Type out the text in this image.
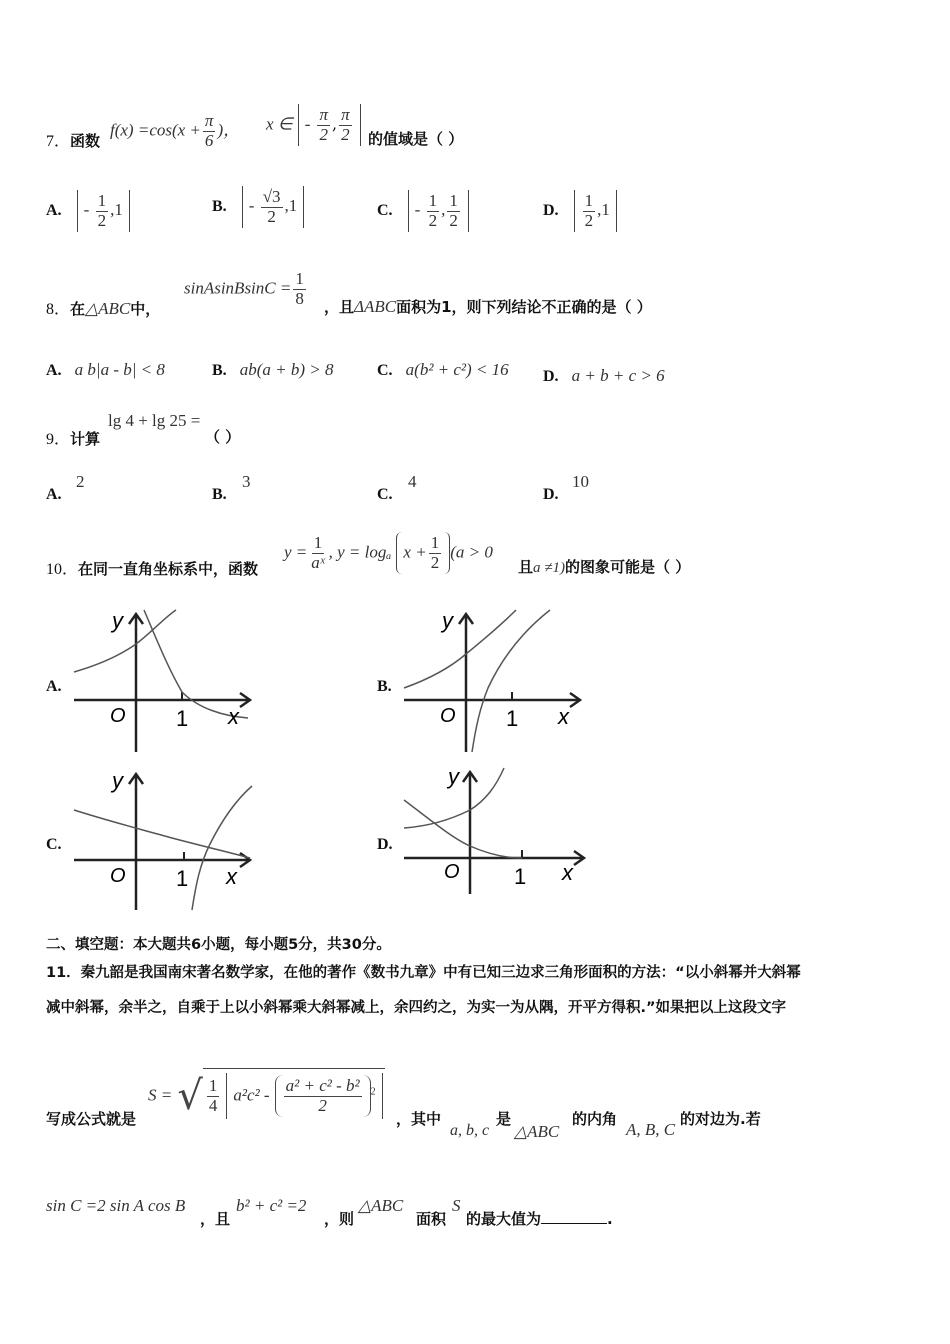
7．函数
$f(x) =\cos(x + \frac{\pi}{6}$ )， x ∈ - $\frac{\pi}{2}$ , $\frac{\pi}{2}$ 的值域是（ ）
A. - $\frac{1}{2} ,1$	B. - $\frac{√3}{2} ,1$	C. - $\frac{1}{2}$ , $\frac{1}{2}$	D. $\frac{1}{2} ,1$
8．在△ABC中，
sinAsinBsinC = $\frac{1}{8}$ ，且ΔABC面积为1，则下列结论不正确的是（ ）
A. a b|a - b| < 8	B. ab(a + b) > 8	C. a(b² + c²) < 16 D. a + b + c > 6
9．计算
lg 4 + lg 25 =
（ ）
A.
2
B.
3
C.
4
D.
10
10．在同一直角坐标系中，函数
$y = \frac{1}{\text{aˣ}}$ , y = logₐ $x + \frac{1}{2} (a > 0$
且a ≠1)的图象可能是（ ）
A.
y
O 1 x
B.
y
O 1 x
C.
y
O 1 x
D.
y
O 1 x
二、填空题：本大题共6小题，每小题5分，共30分。
11．秦九韶是我国南宋著名数学家，在他的著作《数书九章》中有已知三边求三角形面积的方法：“以小斜幂并大斜幂
减中斜幂，余半之，自乘于上以小斜幂乘大斜幂减上，余四约之，为实一为从隅，开平方得积.”如果把以上这段文字
写成公式就是
S = √ $\frac{1}{4} a^2c^2 - \frac{\text{a² + c² - b²}}{2} ^2$
，其中
a, b, c
是
△ABC
的内角
A, B, C
的对边为.若
sin C =2 sin A cos B
，且
b² + c² =2
，则
△ABC
面积
S
的最大值为	.
